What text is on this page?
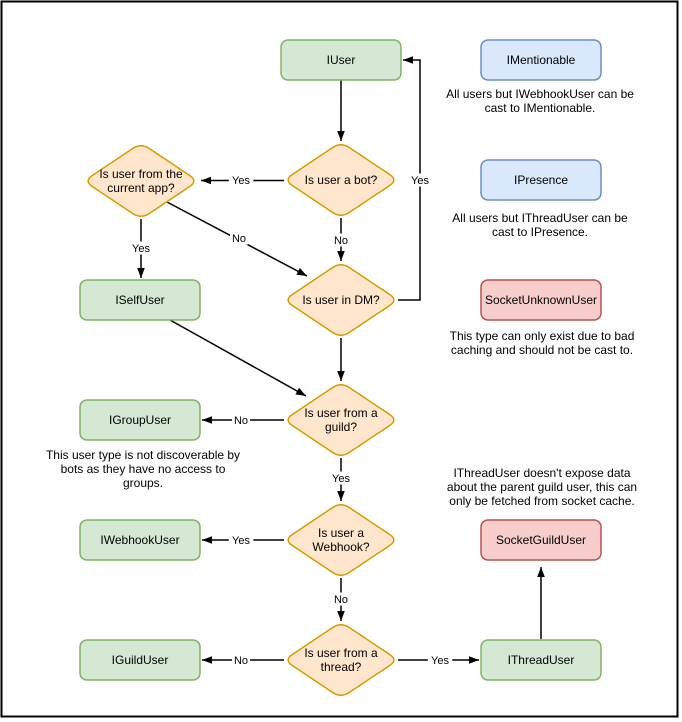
IUser	IMentionable
IPresence
SocketUnknownUser
ISelfUser
IGroupUser
IWebhookUser
IGuildUser	IThreadUser
SocketGuildUser
Is user a bot?
Is user in DM?
Is user from a guild?
Is user a Webhook?
Is user from a thread?
Is user from the current app?	Yes
No
Yes
No
Yes
No
Yes
Yes
No
No	Yes
All users but IWebhookUser can be cast to IMentionable.
All users but IThreadUser can be cast to IPresence.
This type can only exist due to bad caching and should not be cast to.
This user type is not discoverable by bots as they have no access to groups.
IThreadUser doesn't expose data about the parent guild user, this can only be fetched from socket cache.
